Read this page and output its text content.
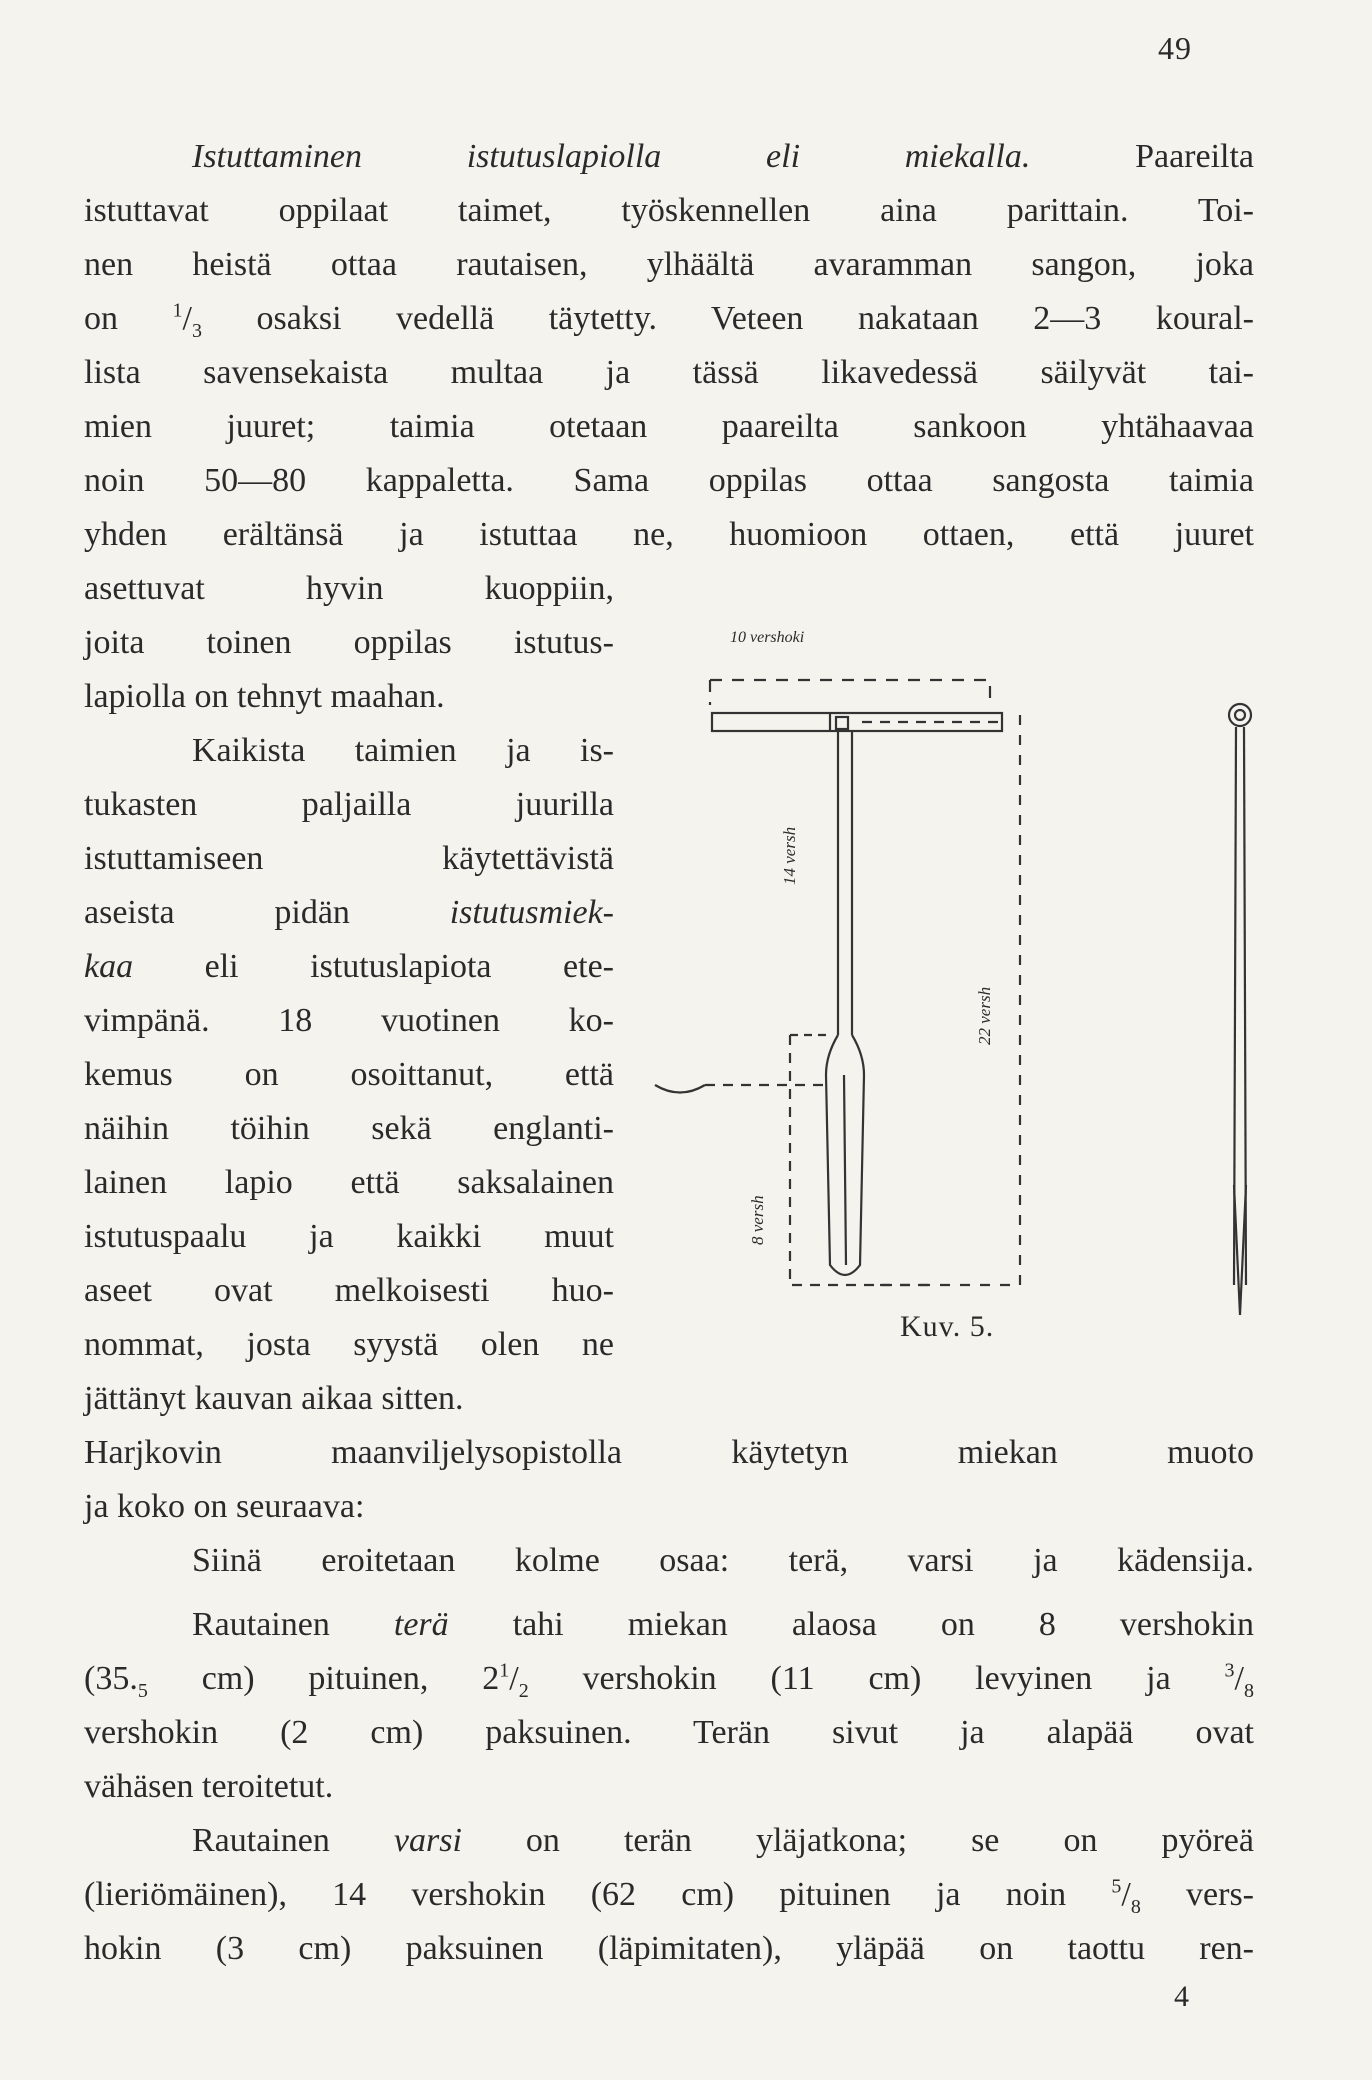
49
Istuttaminen istutuslapiolla eli miekalla.	Paareilta
istuttavat oppilaat taimet, työskennellen aina parittain. Toi-
nen heistä ottaa rautaisen, ylhäältä avaramman sangon, joka
on $^1/_3$ osaksi vedellä täytetty. Veteen nakataan 2—3 koural-
lista savensekaista multaa ja tässä likavedessä säilyvät tai-
mien juuret; taimia otetaan paareilta sankoon yhtähaavaa
noin 50—80 kappaletta. Sama oppilas ottaa sangosta taimia
yhden erältänsä ja istuttaa ne, huomioon ottaen, että juuret
asettuvat hyvin kuoppiin,
joita toinen oppilas istutus-
lapiolla on tehnyt maahan.
Kaikista taimien ja is-
tukasten paljailla juurilla
istuttamiseen käytettävistä
aseista pidän istutusmiek-
kaa eli istutuslapiota ete-
vimpänä. 18 vuotinen ko-
kemus on osoittanut, että
näihin töihin sekä englanti-
lainen lapio että saksalainen
istutuspaalu ja kaikki muut
aseet ovat melkoisesti huo-
nommat, josta syystä olen ne
jättänyt kauvan aikaa sitten.
Harjkovin maanviljelysopistolla käytetyn miekan muoto
ja koko on seuraava:
Siinä eroitetaan kolme osaa: terä, varsi ja kädensija.
Rautainen terä tahi miekan alaosa on 8 vershokin
($35._5$ cm) pituinen, $2^1/_2$ vershokin (11 cm) levyinen ja $^3/_8$
vershokin (2 cm) paksuinen. Terän sivut ja alapää ovat
vähäsen teroitetut.
Rautainen varsi on terän yläjatkona; se on pyöreä
(lieriömäinen), 14 vershokin (62 cm) pituinen ja noin $^5/_8$ vers-
hokin (3 cm) paksuinen (läpimitaten), yläpää on taottu ren-
10 vershoki
14 versh
22 versh
8 versh
Kuv. 5.
4
